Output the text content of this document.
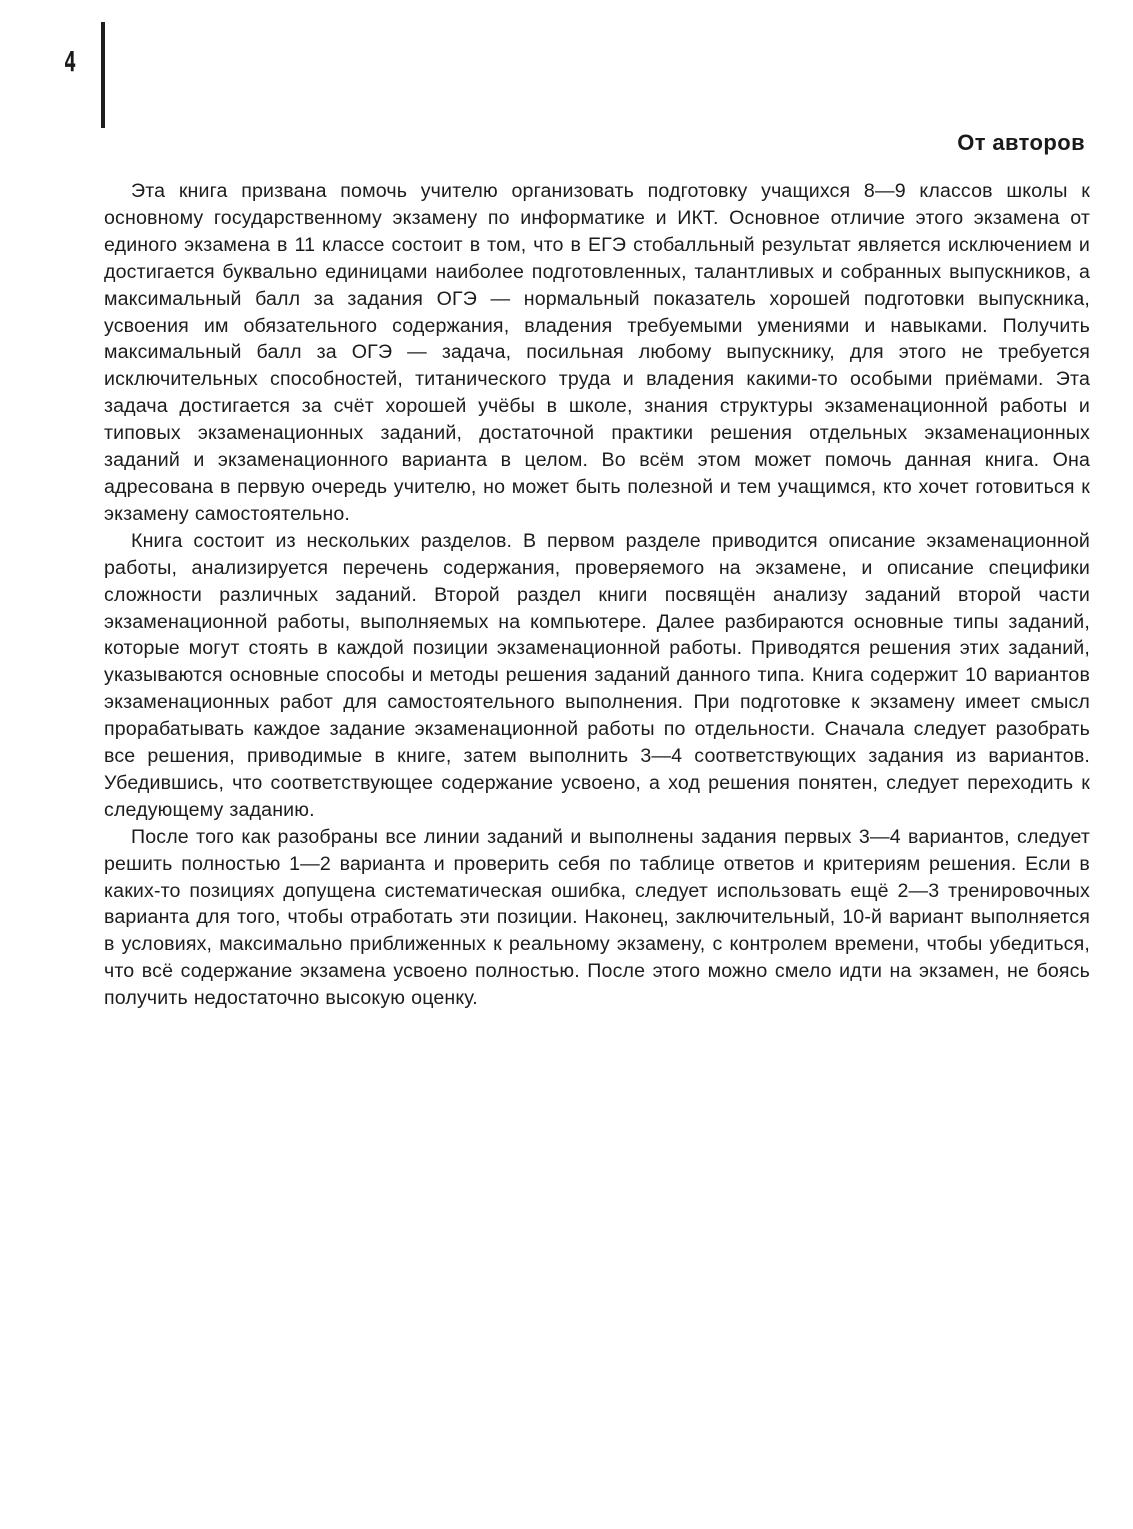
4
От авторов

Эта книга призвана помочь учителю организовать подготовку учащихся 8—9 классов школы к основному государственному экзамену по информатике и ИКТ. Основное отличие этого экзамена от единого экзамена в 11 классе состоит в том, что в ЕГЭ стобалльный результат является исключением и достигается буквально единицами наиболее подготовленных, талантливых и собранных выпускников, а максимальный балл за задания ОГЭ — нормальный показатель хорошей подготовки выпускника, усвоения им обязательного содержания, владения требуемыми умениями и навыками. Получить максимальный балл за ОГЭ — задача, посильная любому выпускнику, для этого не требуется исключительных способностей, титанического труда и владения какими-то особыми приёмами. Эта задача достигается за счёт хорошей учёбы в школе, знания структуры экзаменационной работы и типовых экзаменационных заданий, достаточной практики решения отдельных экзаменационных заданий и экзаменационного варианта в целом. Во всём этом может помочь данная книга. Она адресована в первую очередь учителю, но может быть полезной и тем учащимся, кто хочет готовиться к экзамену самостоятельно.

Книга состоит из нескольких разделов. В первом разделе приводится описание экзаменационной работы, анализируется перечень содержания, проверяемого на экзамене, и описание специфики сложности различных заданий. Второй раздел книги посвящён анализу заданий второй части экзаменационной работы, выполняемых на компьютере. Далее разбираются основные типы заданий, которые могут стоять в каждой позиции экзаменационной работы. Приводятся решения этих заданий, указываются основные способы и методы решения заданий данного типа. Книга содержит 10 вариантов экзаменационных работ для самостоятельного выполнения. При подготовке к экзамену имеет смысл прорабатывать каждое задание экзаменационной работы по отдельности. Сначала следует разобрать все решения, приводимые в книге, затем выполнить 3—4 соответствующих задания из вариантов. Убедившись, что соответствующее содержание усвоено, а ход решения понятен, следует переходить к следующему заданию.

После того как разобраны все линии заданий и выполнены задания первых 3—4 вариантов, следует решить полностью 1—2 варианта и проверить себя по таблице ответов и критериям решения. Если в каких-то позициях допущена систематическая ошибка, следует использовать ещё 2—3 тренировочных варианта для того, чтобы отработать эти позиции. Наконец, заключительный, 10-й вариант выполняется в условиях, максимально приближенных к реальному экзамену, с контролем времени, чтобы убедиться, что всё содержание экзамена усвоено полностью. После этого можно смело идти на экзамен, не боясь получить недостаточно высокую оценку.
